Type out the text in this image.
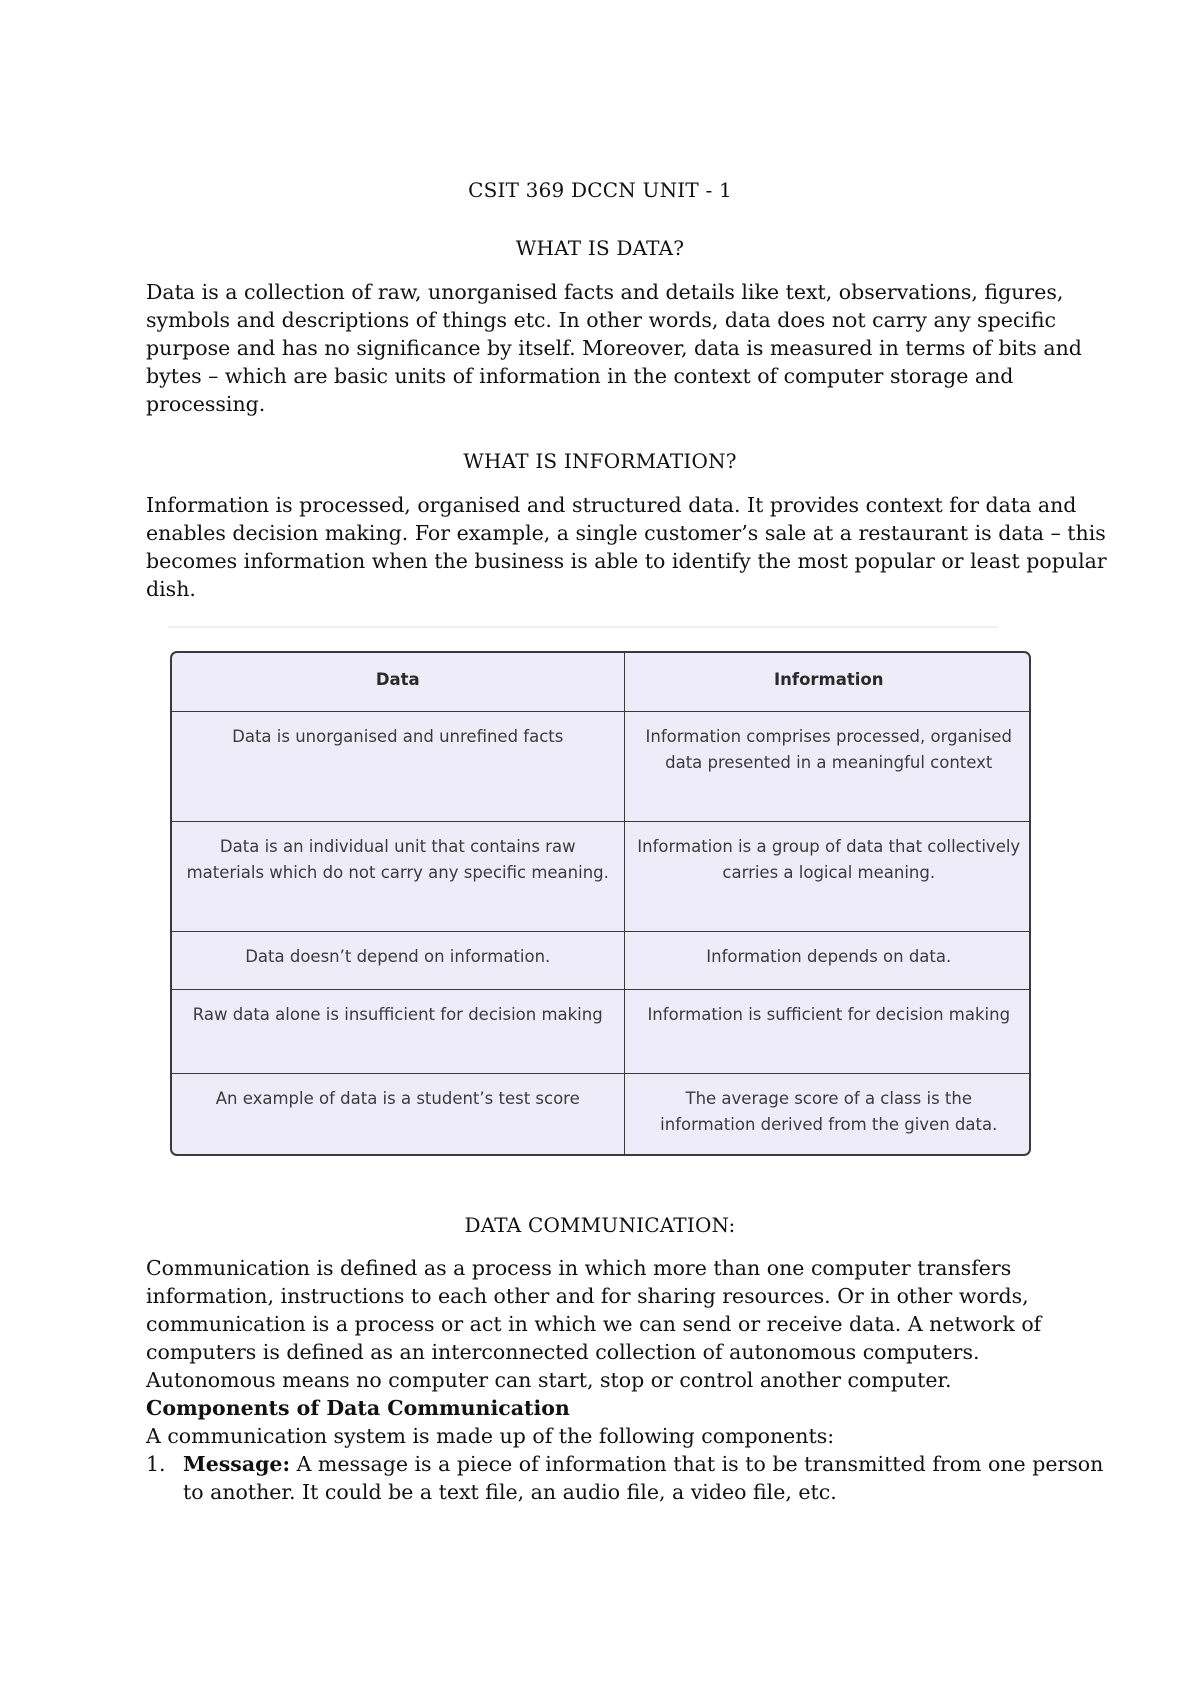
CSIT 369 DCCN UNIT - 1
WHAT IS DATA?
Data is a collection of raw, unorganised facts and details like text, observations, figures,
symbols and descriptions of things etc. In other words, data does not carry any specific
purpose and has no significance by itself. Moreover, data is measured in terms of bits and
bytes – which are basic units of information in the context of computer storage and
processing.
WHAT IS INFORMATION?
Information is processed, organised and structured data. It provides context for data and
enables decision making. For example, a single customer’s sale at a restaurant is data – this
becomes information when the business is able to identify the most popular or least popular
dish.
Data	Information
Data is unorganised and unrefined facts	Information comprises processed, organised data presented in a meaningful context
Data is an individual unit that contains raw materials which do not carry any specific meaning.	Information is a group of data that collectively carries a logical meaning.
Data doesn’t depend on information.	Information depends on data.
Raw data alone is insufficient for decision making	Information is sufficient for decision making
An example of data is a student’s test score	The average score of a class is the information derived from the given data.
DATA COMMUNICATION:
Communication is defined as a process in which more than one computer transfers
information, instructions to each other and for sharing resources. Or in other words,
communication is a process or act in which we can send or receive data. A network of
computers is defined as an interconnected collection of autonomous computers.
Autonomous means no computer can start, stop or control another computer.
Components of Data Communication
A communication system is made up of the following components:
1. Message: A message is a piece of information that is to be transmitted from one person
to another. It could be a text file, an audio file, a video file, etc.
